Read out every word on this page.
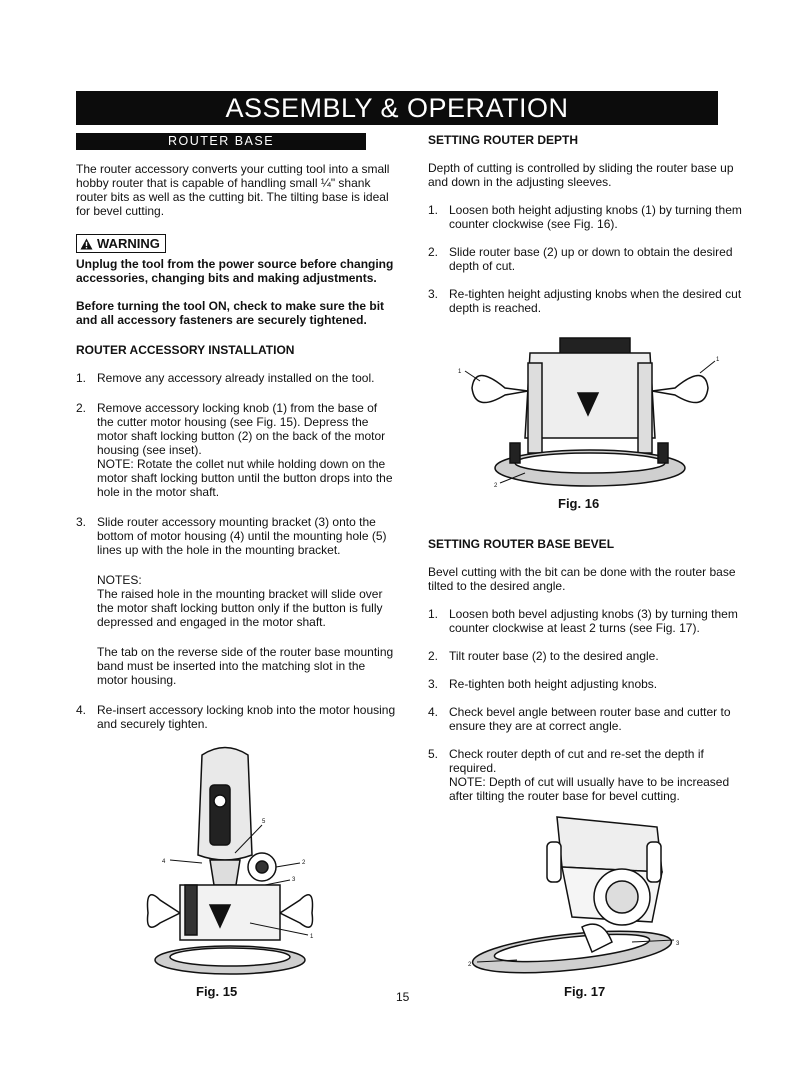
ASSEMBLY & OPERATION
ROUTER BASE

The router accessory converts your cutting tool into a small hobby router that is capable of handling small ¼" shank router bits as well as the cutting bit. The tilting base is ideal for bevel cutting.

WARNING

Unplug the tool from the power source before changing accessories, changing bits and making adjustments.

Before turning the tool ON, check to make sure the bit and all accessory fasteners are securely tightened.

ROUTER ACCESSORY INSTALLATION

1. Remove any accessory already installed on the tool.
2. Remove accessory locking knob (1) from the base of the cutter motor housing (see Fig. 15). Depress the motor shaft locking button (2) on the back of the motor housing (see inset).

NOTE: Rotate the collet nut while holding down on the motor shaft locking button until the button drops into the hole in the motor shaft.

3. Slide router accessory mounting bracket (3) onto the bottom of motor housing (4) until the mounting hole (5) lines up with the hole in the mounting bracket.

NOTES:

The raised hole in the mounting bracket will slide over the motor shaft locking button only if the button is fully depressed and engaged in the motor shaft.

The tab on the reverse side of the router base mounting band must be inserted into the matching slot in the motor housing.

4. Re-insert accessory locking knob into the motor housing and securely tighten.
4
5
2
3
1
Fig. 15

SETTING ROUTER DEPTH

Depth of cutting is controlled by sliding the router base up and down in the adjusting sleeves.

1. Loosen both height adjusting knobs (1) by turning them counter clockwise (see Fig. 16).
2. Slide router base (2) up or down to obtain the desired depth of cut.
3. Re-tighten height adjusting knobs when the desired cut depth is reached.
1
1
2
Fig. 16

SETTING ROUTER BASE BEVEL

Bevel cutting with the bit can be done with the router base tilted to the desired angle.

1. Loosen both bevel adjusting knobs (3) by turning them counter clockwise at least 2 turns (see Fig. 17).
2. Tilt router base (2) to the desired angle.
3. Re-tighten both height adjusting knobs.
4. Check bevel angle between router base and cutter to ensure they are at correct angle.
5. Check router depth of cut and re-set the depth if required.

NOTE: Depth of cut will usually have to be increased after tilting the router base for bevel cutting.

3
2
Fig. 17
15
